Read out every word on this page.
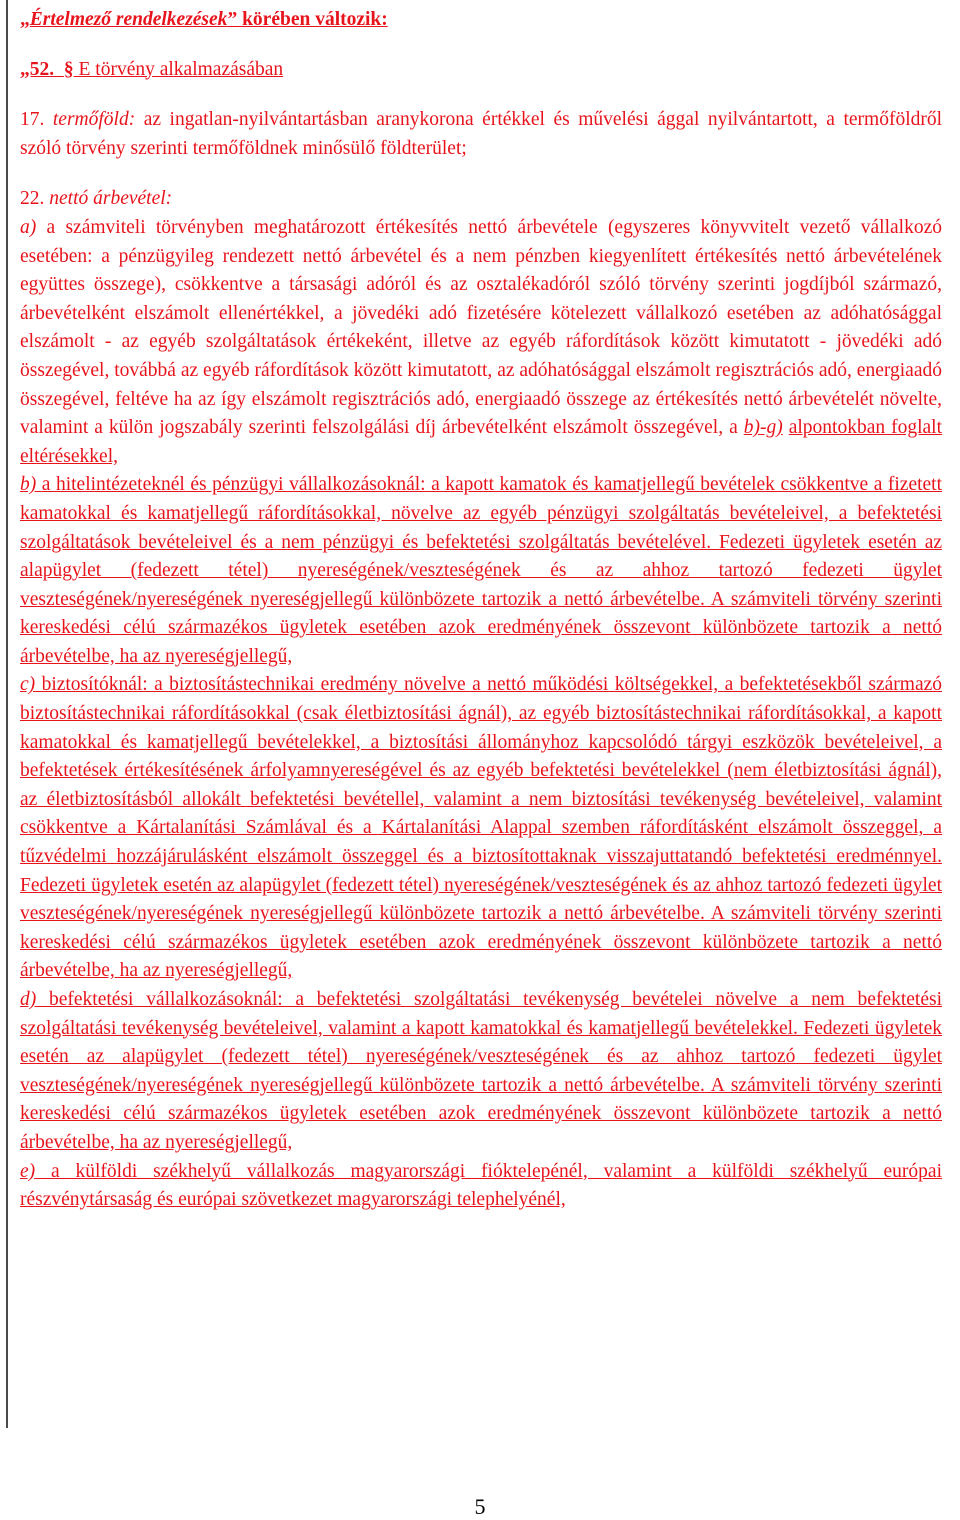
„Értelmező rendelkezések” körében változik:

„52. § E törvény alkalmazásában

17. termőföld: az ingatlan-nyilvántartásban aranykorona értékkel és művelési ággal nyilvántartott, a termőföldről szóló törvény szerinti termőföldnek minősülő földterület;

22. nettó árbevétel:

a) a számviteli törvényben meghatározott értékesítés nettó árbevétele (egyszeres könyvvitelt vezető vállalkozó esetében: a pénzügyileg rendezett nettó árbevétel és a nem pénzben kiegyenlített értékesítés nettó árbevételének együttes összege), csökkentve a társasági adóról és az osztalékadóról szóló törvény szerinti jogdíjból származó, árbevételként elszámolt ellenértékkel, a jövedéki adó fizetésére kötelezett vállalkozó esetében az adóhatósággal elszámolt - az egyéb szolgáltatások értékeként, illetve az egyéb ráfordítások között kimutatott - jövedéki adó összegével, továbbá az egyéb ráfordítások között kimutatott, az adóhatósággal elszámolt regisztrációs adó, energiaadó összegével, feltéve ha az így elszámolt regisztrációs adó, energiaadó összege az értékesítés nettó árbevételét növelte, valamint a külön jogszabály szerinti felszolgálási díj árbevételként elszámolt összegével, a b)-g) alpontokban foglalt eltérésekkel,

b) a hitelintézeteknél és pénzügyi vállalkozásoknál: a kapott kamatok és kamatjellegű bevételek csökkentve a fizetett kamatokkal és kamatjellegű ráfordításokkal, növelve az egyéb pénzügyi szolgáltatás bevételeivel, a befektetési szolgáltatások bevételeivel és a nem pénzügyi és befektetési szolgáltatás bevételével. Fedezeti ügyletek esetén az alapügylet (fedezett tétel) nyereségének/veszteségének és az ahhoz tartozó fedezeti ügylet veszteségének/nyereségének nyereségjellegű különbözete tartozik a nettó árbevételbe. A számviteli törvény szerinti kereskedési célú származékos ügyletek esetében azok eredményének összevont különbözete tartozik a nettó árbevételbe, ha az nyereségjellegű,

c) biztosítóknál: a biztosítástechnikai eredmény növelve a nettó működési költségekkel, a befektetésekből származó biztosítástechnikai ráfordításokkal (csak életbiztosítási ágnál), az egyéb biztosítástechnikai ráfordításokkal, a kapott kamatokkal és kamatjellegű bevételekkel, a biztosítási állományhoz kapcsolódó tárgyi eszközök bevételeivel, a befektetések értékesítésének árfolyamnyereségével és az egyéb befektetési bevételekkel (nem életbiztosítási ágnál), az életbiztosításból allokált befektetési bevétellel, valamint a nem biztosítási tevékenység bevételeivel, valamint csökkentve a Kártalanítási Számlával és a Kártalanítási Alappal szemben ráfordításként elszámolt összeggel, a tűzvédelmi hozzájárulásként elszámolt összeggel és a biztosítottaknak visszajuttatandó befektetési eredménnyel. Fedezeti ügyletek esetén az alapügylet (fedezett tétel) nyereségének/veszteségének és az ahhoz tartozó fedezeti ügylet veszteségének/nyereségének nyereségjellegű különbözete tartozik a nettó árbevételbe. A számviteli törvény szerinti kereskedési célú származékos ügyletek esetében azok eredményének összevont különbözete tartozik a nettó árbevételbe, ha az nyereségjellegű,

d) befektetési vállalkozásoknál: a befektetési szolgáltatási tevékenység bevételei növelve a nem befektetési szolgáltatási tevékenység bevételeivel, valamint a kapott kamatokkal és kamatjellegű bevételekkel. Fedezeti ügyletek esetén az alapügylet (fedezett tétel) nyereségének/veszteségének és az ahhoz tartozó fedezeti ügylet veszteségének/nyereségének nyereségjellegű különbözete tartozik a nettó árbevételbe. A számviteli törvény szerinti kereskedési célú származékos ügyletek esetében azok eredményének összevont különbözete tartozik a nettó árbevételbe, ha az nyereségjellegű,

e) a külföldi székhelyű vállalkozás magyarországi fióktelepénél, valamint a külföldi székhelyű európai részvénytársaság és európai szövetkezet magyarországi telephelyénél,

5
